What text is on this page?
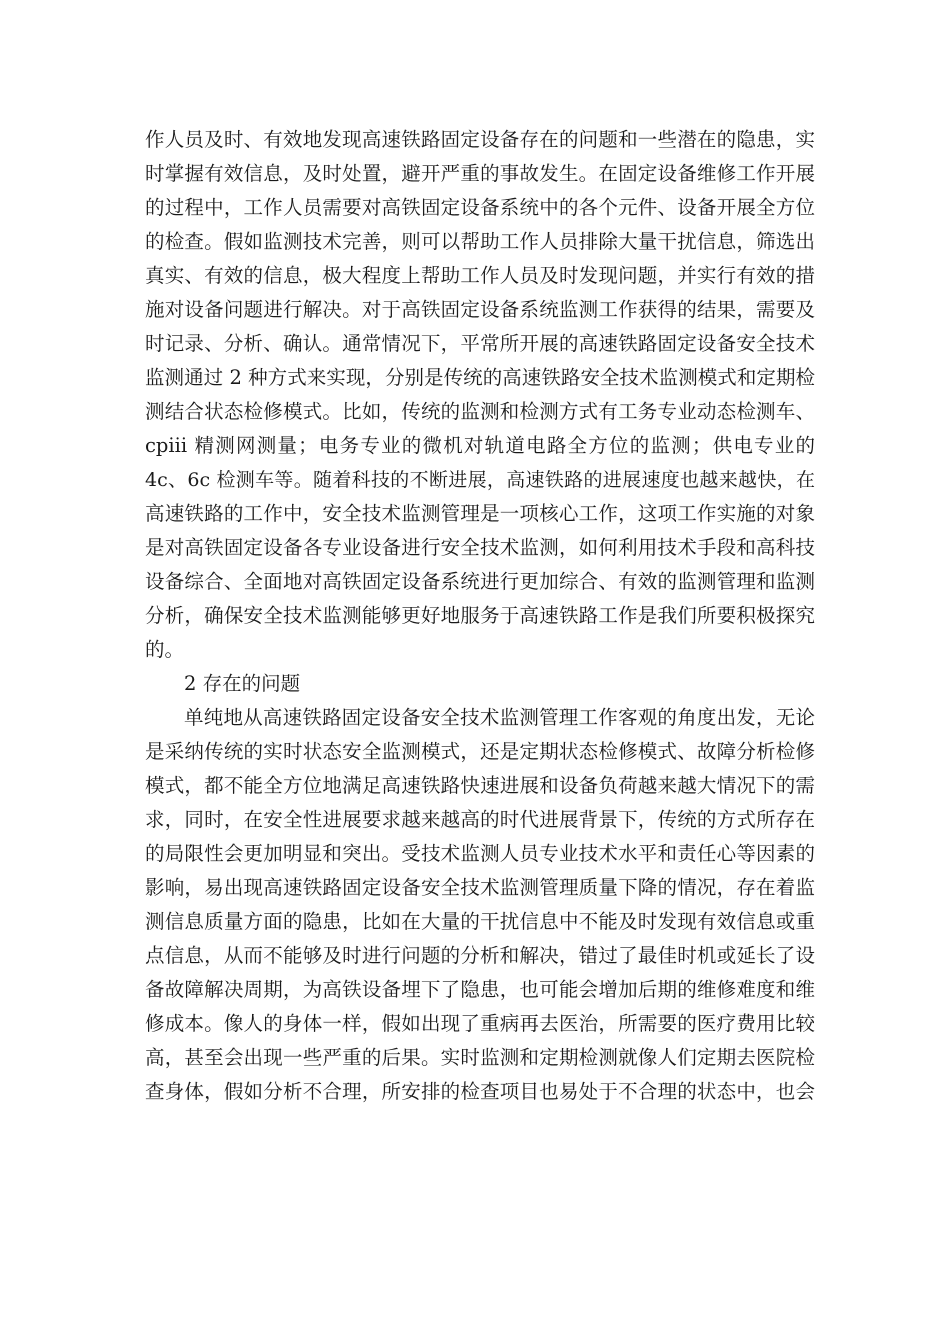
作人员及时、有效地发现高速铁路固定设备存在的问题和一些潜在的隐患，实
时掌握有效信息，及时处置，避开严重的事故发生。在固定设备维修工作开展
的过程中，工作人员需要对高铁固定设备系统中的各个元件、设备开展全方位
的检查。假如监测技术完善，则可以帮助工作人员排除大量干扰信息，筛选出
真实、有效的信息，极大程度上帮助工作人员及时发现问题，并实行有效的措
施对设备问题进行解决。对于高铁固定设备系统监测工作获得的结果，需要及
时记录、分析、确认。通常情况下，平常所开展的高速铁路固定设备安全技术
监测通过 2 种方式来实现，分别是传统的高速铁路安全技术监测模式和定期检
测结合状态检修模式。比如，传统的监测和检测方式有工务专业动态检测车、
cpiii 精测网测量；电务专业的微机对轨道电路全方位的监测；供电专业的
4c、6c 检测车等。随着科技的不断进展，高速铁路的进展速度也越来越快，在
高速铁路的工作中，安全技术监测管理是一项核心工作，这项工作实施的对象
是对高铁固定设备各专业设备进行安全技术监测，如何利用技术手段和高科技
设备综合、全面地对高铁固定设备系统进行更加综合、有效的监测管理和监测
分析，确保安全技术监测能够更好地服务于高速铁路工作是我们所要积极探究
的。
2 存在的问题
单纯地从高速铁路固定设备安全技术监测管理工作客观的角度出发，无论
是采纳传统的实时状态安全监测模式，还是定期状态检修模式、故障分析检修
模式，都不能全方位地满足高速铁路快速进展和设备负荷越来越大情况下的需
求，同时，在安全性进展要求越来越高的时代进展背景下，传统的方式所存在
的局限性会更加明显和突出。受技术监测人员专业技术水平和责任心等因素的
影响，易出现高速铁路固定设备安全技术监测管理质量下降的情况，存在着监
测信息质量方面的隐患，比如在大量的干扰信息中不能及时发现有效信息或重
点信息，从而不能够及时进行问题的分析和解决，错过了最佳时机或延长了设
备故障解决周期，为高铁设备埋下了隐患，也可能会增加后期的维修难度和维
修成本。像人的身体一样，假如出现了重病再去医治，所需要的医疗费用比较
高，甚至会出现一些严重的后果。实时监测和定期检测就像人们定期去医院检
查身体，假如分析不合理，所安排的检查项目也易处于不合理的状态中，也会
